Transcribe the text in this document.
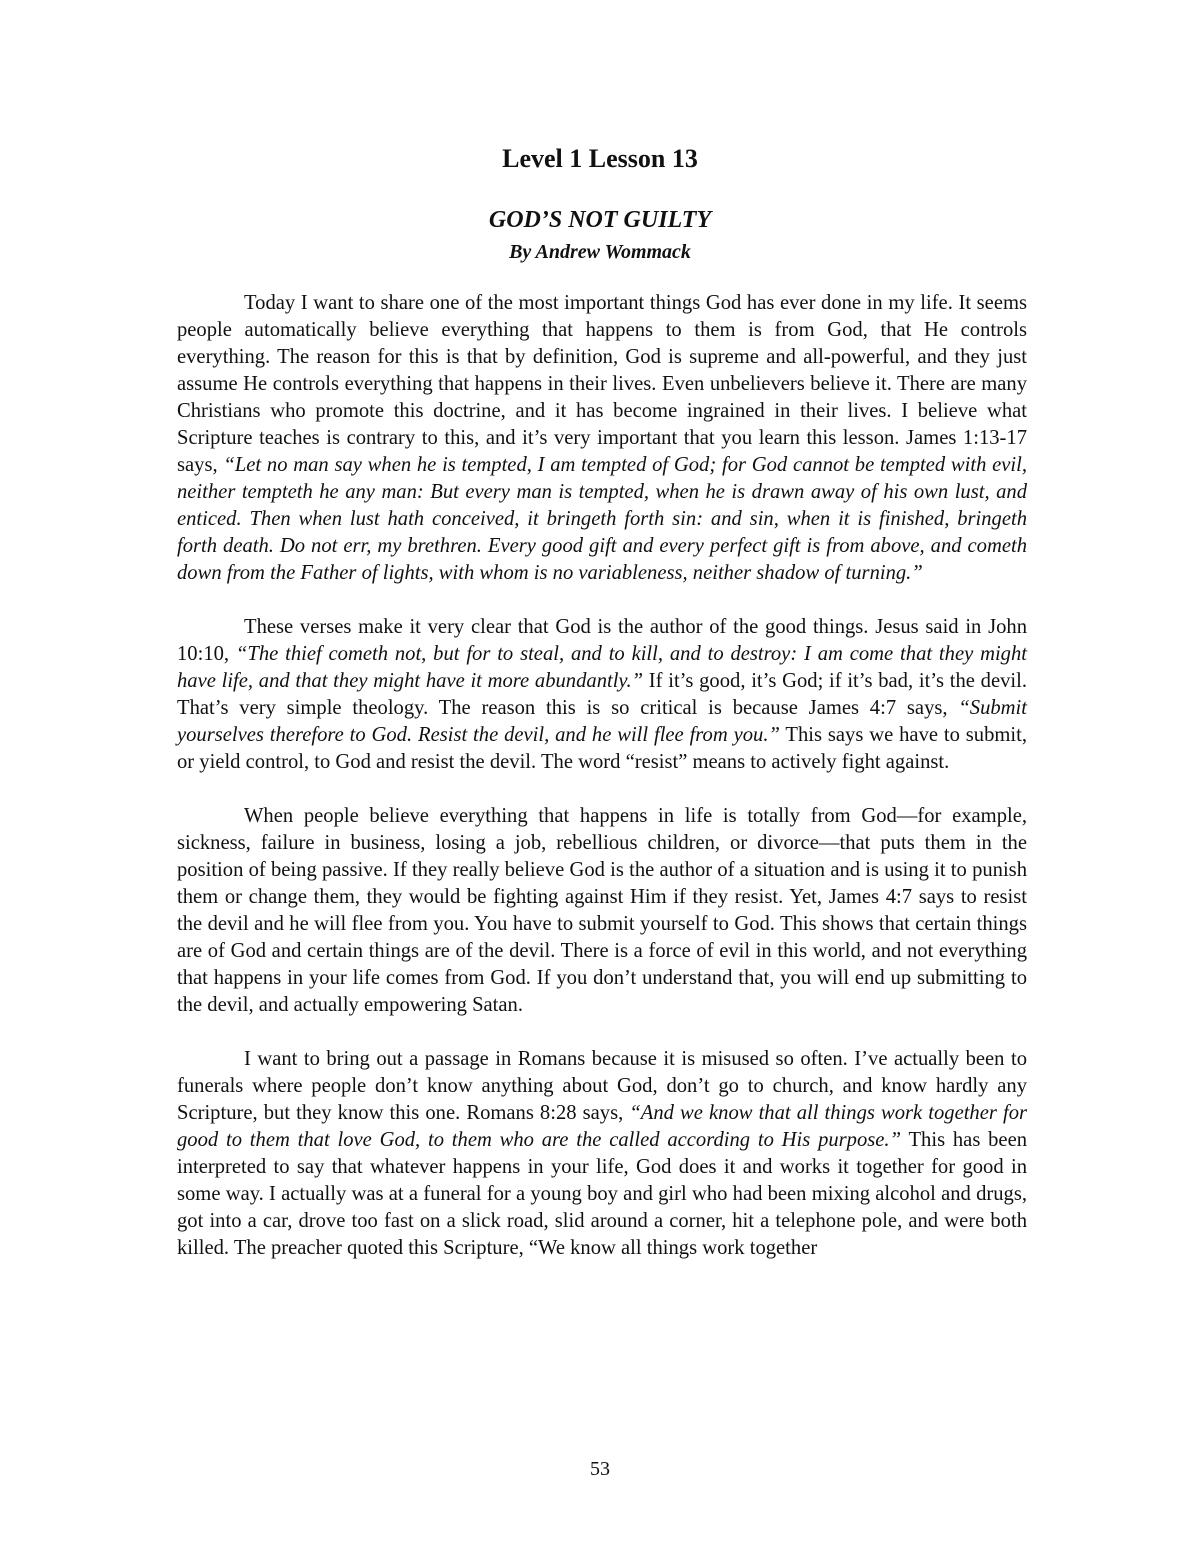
Level 1 Lesson 13
GOD’S NOT GUILTY
By Andrew Wommack

Today I want to share one of the most important things God has ever done in my life. It seems people automatically believe everything that happens to them is from God, that He controls everything. The reason for this is that by definition, God is supreme and all-powerful, and they just assume He controls everything that happens in their lives. Even unbelievers believe it. There are many Christians who promote this doctrine, and it has become ingrained in their lives. I believe what Scripture teaches is contrary to this, and it’s very important that you learn this lesson. James 1:13-17 says, “Let no man say when he is tempted, I am tempted of God; for God cannot be tempted with evil, neither tempteth he any man: But every man is tempted, when he is drawn away of his own lust, and enticed. Then when lust hath conceived, it bringeth forth sin: and sin, when it is finished, bringeth forth death. Do not err, my brethren. Every good gift and every perfect gift is from above, and cometh down from the Father of lights, with whom is no variableness, neither shadow of turning.”

These verses make it very clear that God is the author of the good things. Jesus said in John 10:10, “The thief cometh not, but for to steal, and to kill, and to destroy: I am come that they might have life, and that they might have it more abundantly.” If it’s good, it’s God; if it’s bad, it’s the devil. That’s very simple theology. The reason this is so critical is because James 4:7 says, “Submit yourselves therefore to God. Resist the devil, and he will flee from you.” This says we have to submit, or yield control, to God and resist the devil. The word “resist” means to actively fight against.

When people believe everything that happens in life is totally from God—for example, sickness, failure in business, losing a job, rebellious children, or divorce—that puts them in the position of being passive. If they really believe God is the author of a situation and is using it to punish them or change them, they would be fighting against Him if they resist. Yet, James 4:7 says to resist the devil and he will flee from you. You have to submit yourself to God. This shows that certain things are of God and certain things are of the devil. There is a force of evil in this world, and not everything that happens in your life comes from God. If you don’t understand that, you will end up submitting to the devil, and actually empowering Satan.

I want to bring out a passage in Romans because it is misused so often. I’ve actually been to funerals where people don’t know anything about God, don’t go to church, and know hardly any Scripture, but they know this one. Romans 8:28 says, “And we know that all things work together for good to them that love God, to them who are the called according to His purpose.” This has been interpreted to say that whatever happens in your life, God does it and works it together for good in some way. I actually was at a funeral for a young boy and girl who had been mixing alcohol and drugs, got into a car, drove too fast on a slick road, slid around a corner, hit a telephone pole, and were both killed. The preacher quoted this Scripture, “We know all things work together

53
